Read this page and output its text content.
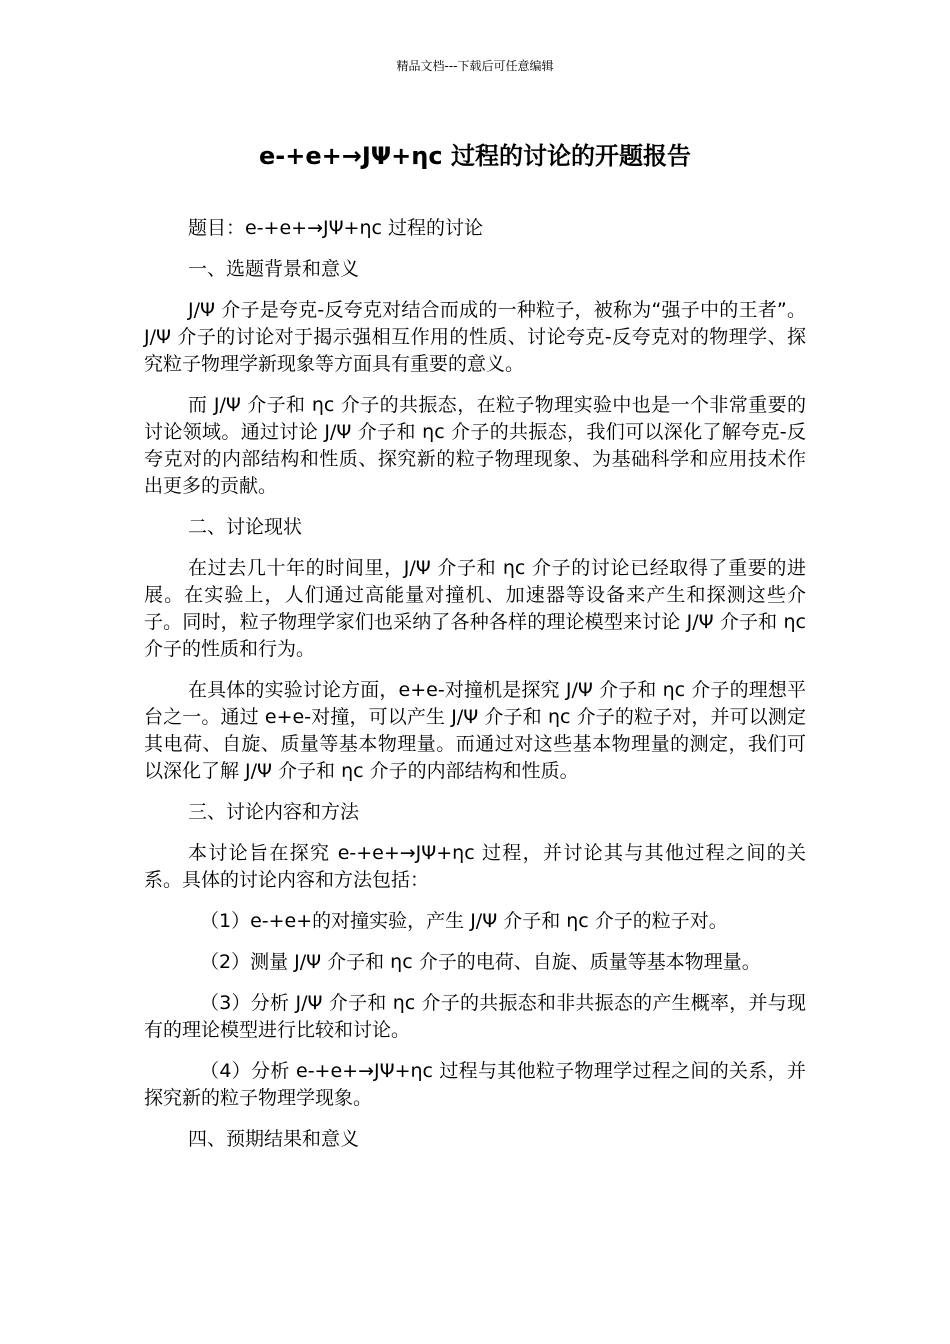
精品文档---下载后可任意编辑
e-+e+→JΨ+ηc 过程的讨论的开题报告

题目：e-+e+→JΨ+ηc 过程的讨论

一、选题背景和意义

J/Ψ 介子是夸克-反夸克对结合而成的一种粒子，被称为“强子中的王者”。J/Ψ 介子的讨论对于揭示强相互作用的性质、讨论夸克-反夸克对的物理学、探究粒子物理学新现象等方面具有重要的意义。

而 J/Ψ 介子和 ηc 介子的共振态，在粒子物理实验中也是一个非常重要的讨论领域。通过讨论 J/Ψ 介子和 ηc 介子的共振态，我们可以深化了解夸克-反夸克对的内部结构和性质、探究新的粒子物理现象、为基础科学和应用技术作出更多的贡献。

二、讨论现状

在过去几十年的时间里，J/Ψ 介子和 ηc 介子的讨论已经取得了重要的进展。在实验上，人们通过高能量对撞机、加速器等设备来产生和探测这些介子。同时，粒子物理学家们也采纳了各种各样的理论模型来讨论 J/Ψ 介子和 ηc 介子的性质和行为。

在具体的实验讨论方面，e+e-对撞机是探究 J/Ψ 介子和 ηc 介子的理想平台之一。通过 e+e-对撞，可以产生 J/Ψ 介子和 ηc 介子的粒子对，并可以测定其电荷、自旋、质量等基本物理量。而通过对这些基本物理量的测定，我们可以深化了解 J/Ψ 介子和 ηc 介子的内部结构和性质。

三、讨论内容和方法

本讨论旨在探究 e-+e+→JΨ+ηc 过程，并讨论其与其他过程之间的关系。具体的讨论内容和方法包括：

（1）e-+e+的对撞实验，产生 J/Ψ 介子和 ηc 介子的粒子对。

（2）测量 J/Ψ 介子和 ηc 介子的电荷、自旋、质量等基本物理量。

（3）分析 J/Ψ 介子和 ηc 介子的共振态和非共振态的产生概率，并与现有的理论模型进行比较和讨论。

（4）分析 e-+e+→JΨ+ηc 过程与其他粒子物理学过程之间的关系，并探究新的粒子物理学现象。

四、预期结果和意义
